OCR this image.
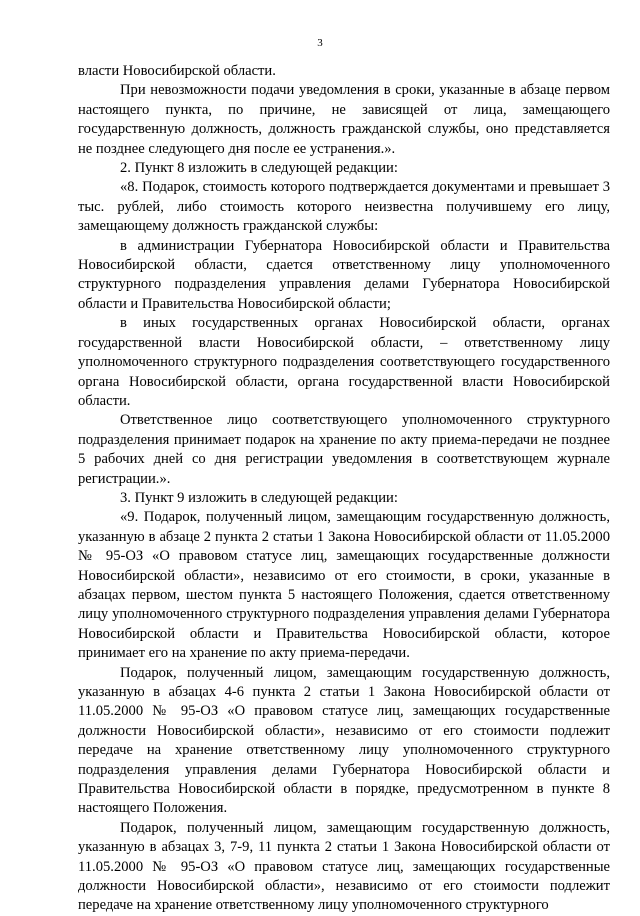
3

власти Новосибирской области.

При невозможности подачи уведомления в сроки, указанные в абзаце первом настоящего пункта, по причине, не зависящей от лица, замещающего государственную должность, должность гражданской службы, оно представляется не позднее следующего дня после ее устранения.».

2. Пункт 8 изложить в следующей редакции:

«8. Подарок, стоимость которого подтверждается документами и превышает 3 тыс. рублей, либо стоимость которого неизвестна получившему его лицу, замещающему должность гражданской службы:

в администрации Губернатора Новосибирской области и Правительства Новосибирской области, сдается ответственному лицу уполномоченного структурного подразделения управления делами Губернатора Новосибирской области и Правительства Новосибирской области;

в иных государственных органах Новосибирской области, органах государственной власти Новосибирской области, – ответственному лицу уполномоченного структурного подразделения соответствующего государственного органа Новосибирской области, органа государственной власти Новосибирской области.

Ответственное лицо соответствующего уполномоченного структурного подразделения принимает подарок на хранение по акту приема-передачи не позднее 5 рабочих дней со дня регистрации уведомления в соответствующем журнале регистрации.».

3. Пункт 9 изложить в следующей редакции:

«9. Подарок, полученный лицом, замещающим государственную должность, указанную в абзаце 2 пункта 2 статьи 1 Закона Новосибирской области от 11.05.2000 № 95-ОЗ «О правовом статусе лиц, замещающих государственные должности Новосибирской области», независимо от его стоимости, в сроки, указанные в абзацах первом, шестом пункта 5 настоящего Положения, сдается ответственному лицу уполномоченного структурного подразделения управления делами Губернатора Новосибирской области и Правительства Новосибирской области, которое принимает его на хранение по акту приема-передачи.

Подарок, полученный лицом, замещающим государственную должность, указанную в абзацах 4-6 пункта 2 статьи 1 Закона Новосибирской области от 11.05.2000 № 95-ОЗ «О правовом статусе лиц, замещающих государственные должности Новосибирской области», независимо от его стоимости подлежит передаче на хранение ответственному лицу уполномоченного структурного подразделения управления делами Губернатора Новосибирской области и Правительства Новосибирской области в порядке, предусмотренном в пункте 8 настоящего Положения.

Подарок, полученный лицом, замещающим государственную должность, указанную в абзацах 3, 7-9, 11 пункта 2 статьи 1 Закона Новосибирской области от 11.05.2000 № 95-ОЗ «О правовом статусе лиц, замещающих государственные должности Новосибирской области», независимо от его стоимости подлежит передаче на хранение ответственному лицу уполномоченного структурного
